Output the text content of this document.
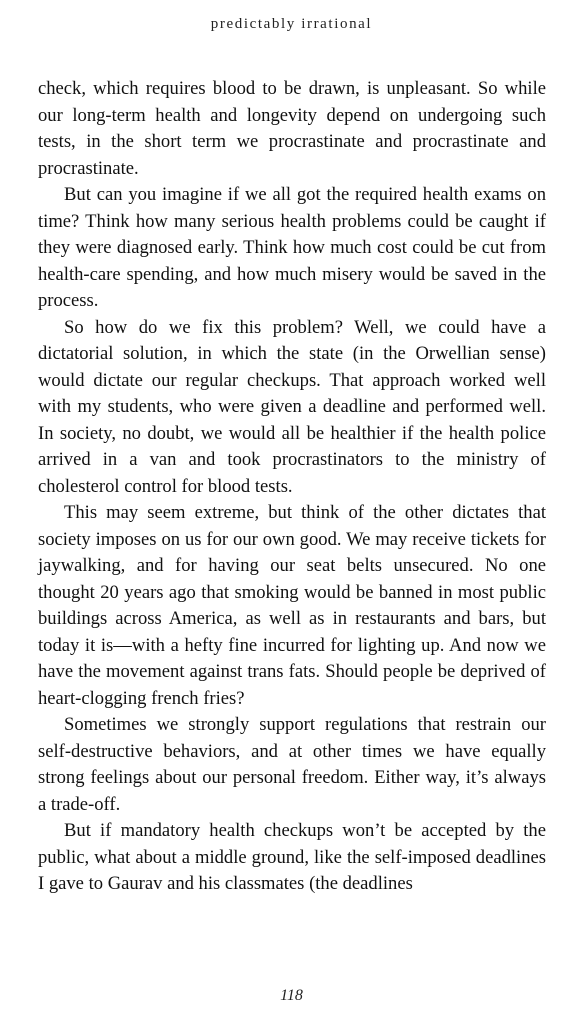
predictably irrational

check, which requires blood to be drawn, is unpleasant. So while our long-term health and longevity depend on undergoing such tests, in the short term we procrastinate and procrastinate and procrastinate.

But can you imagine if we all got the required health exams on time? Think how many serious health problems could be caught if they were diagnosed early. Think how much cost could be cut from health-care spending, and how much misery would be saved in the process.

So how do we fix this problem? Well, we could have a dictatorial solution, in which the state (in the Orwellian sense) would dictate our regular checkups. That approach worked well with my students, who were given a deadline and performed well. In society, no doubt, we would all be healthier if the health police arrived in a van and took procrastinators to the ministry of cholesterol control for blood tests.

This may seem extreme, but think of the other dictates that society imposes on us for our own good. We may receive tickets for jaywalking, and for having our seat belts unsecured. No one thought 20 years ago that smoking would be banned in most public buildings across America, as well as in restaurants and bars, but today it is—with a hefty fine incurred for lighting up. And now we have the movement against trans fats. Should people be deprived of heart-clogging french fries?

Sometimes we strongly support regulations that restrain our self-destructive behaviors, and at other times we have equally strong feelings about our personal freedom. Either way, it’s always a trade-off.

But if mandatory health checkups won’t be accepted by the public, what about a middle ground, like the self-imposed deadlines I gave to Gaurav and his classmates (the deadlines

118
